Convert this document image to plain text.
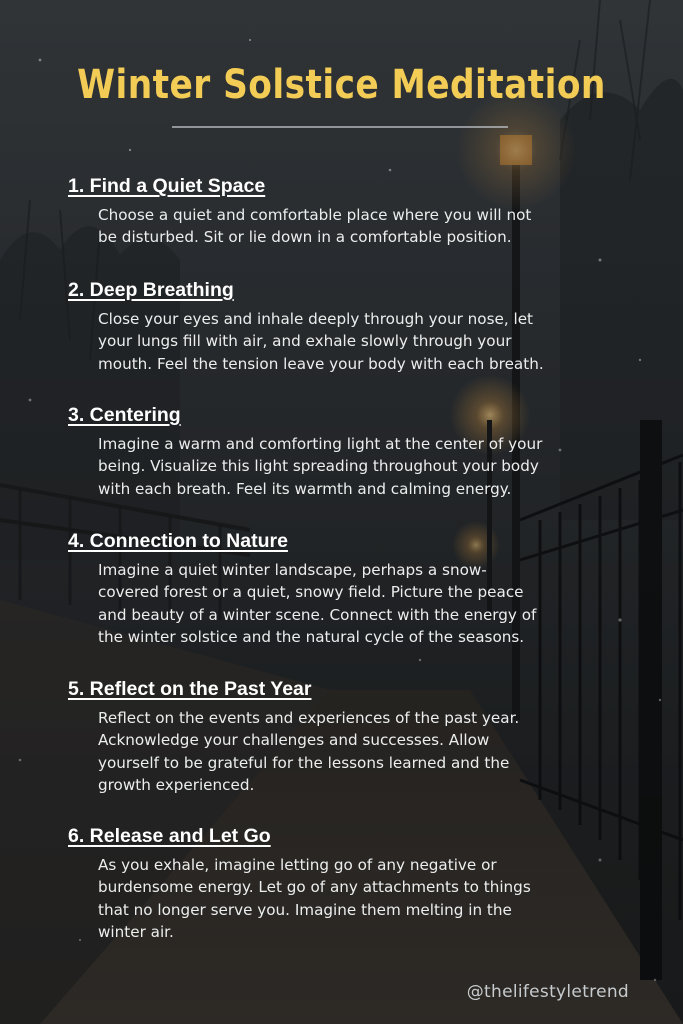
Winter Solstice Meditation
1. Find a Quiet Space
Choose a quiet and comfortable place where you will not
be disturbed. Sit or lie down in a comfortable position.
2. Deep Breathing
Close your eyes and inhale deeply through your nose, let
your lungs fill with air, and exhale slowly through your
mouth. Feel the tension leave your body with each breath.
3. Centering
Imagine a warm and comforting light at the center of your
being. Visualize this light spreading throughout your body
with each breath. Feel its warmth and calming energy.
4. Connection to Nature
Imagine a quiet winter landscape, perhaps a snow-
covered forest or a quiet, snowy field. Picture the peace
and beauty of a winter scene. Connect with the energy of
the winter solstice and the natural cycle of the seasons.
5. Reflect on the Past Year
Reflect on the events and experiences of the past year.
Acknowledge your challenges and successes. Allow
yourself to be grateful for the lessons learned and the
growth experienced.
6. Release and Let Go
As you exhale, imagine letting go of any negative or
burdensome energy. Let go of any attachments to things
that no longer serve you. Imagine them melting in the
winter air.
@thelifestyletrend
